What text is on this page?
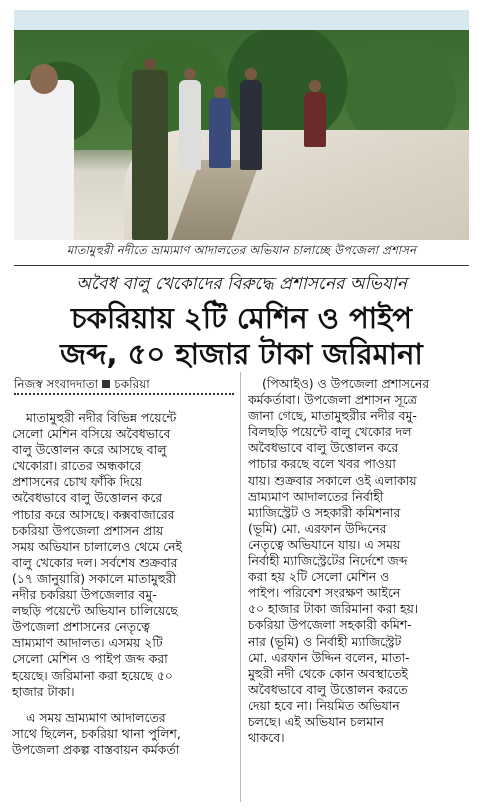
মাতামুহুরী নদীতে ভ্রাম্যমাণ আদালতের অভিযান চালাচ্ছে উপজেলা প্রশাসন
অবৈধ বালু খেকোদের বিরুদ্ধে প্রশাসনের অভিযান
চকরিয়ায় ২টি মেশিন ও পাইপ
জব্দ, ৫০ হাজার টাকা জরিমানা
নিজস্ব সংবাদদাতা চকরিয়া
মাতামুহুরী নদীর বিভিন্ন পয়েন্টে
সেলো মেশিন বসিয়ে অবৈধভাবে
বালু উত্তোলন করে আসছে বালু
খেকোরা। রাতের অন্ধকারে
প্রশাসনের চোখ ফাঁকি দিয়ে
অবৈধভাবে বালু উত্তোলন করে
পাচার করে আসছে। কক্সবাজারের
চকরিয়া উপজেলা প্রশাসন প্রায়
সময় অভিযান চালালেও থেমে নেই
বালু খেকোর দল। সর্বশেষ শুক্রবার
(১৭ জানুয়ারি) সকালে মাতামুহুরী
নদীর চকরিয়া উপজেলার বমু-
লছড়ি পয়েন্টে অভিযান চালিয়েছে
উপজেলা প্রশাসনের নেতৃত্বে
ভ্রাম্যমাণ আদালত। এসময় ২টি
সেলো মেশিন ও পাইপ জব্দ করা
হয়েছে। জরিমানা করা হয়েছে ৫০
হাজার টাকা।
এ সময় ভ্রাম্যমাণ আদালতের
সাথে ছিলেন, চকরিয়া থানা পুলিশ,
উপজেলা প্রকল্প বাস্তবায়ন কর্মকর্তা
(পিআইও) ও উপজেলা প্রশাসনের
কর্মকর্তাবা। উপজেলা প্রশাসন সূত্রে
জানা গেছে, মাতামুহুরীর নদীর বমু-
বিলছড়ি পয়েন্টে বালু খেকোর দল
অবৈধভাবে বালু উত্তোলন করে
পাচার করছে বলে খবর পাওয়া
যায়। শুক্রবার সকালে ওই এলাকায়
ভ্রাম্যমাণ আদালতের নির্বাহী
ম্যাজিস্ট্রেট ও সহকারী কমিশনার
(ভূমি) মো. এরফান উদ্দিনের
নেতৃত্বে অভিযানে যায়। এ সময়
নির্বাহী ম্যাজিস্ট্রেটের নির্দেশে জব্দ
করা হয় ২টি সেলো মেশিন ও
পাইপ। পরিবেশ সংরক্ষণ আইনে
৫০ হাজার টাকা জরিমানা করা হয়।
চকরিয়া উপজেলা সহকারী কমিশ-
নার (ভূমি) ও নির্বাহী ম্যাজিস্ট্রেট
মো. এরফান উদ্দিন বলেন, মাতা-
মুহুরী নদী থেকে কোন অবস্থাতেই
অবৈধভাবে বালু উত্তোলন করতে
দেয়া হবে না। নিয়মিত অভিযান
চলছে। এই অভিযান চলমান
থাকবে।
